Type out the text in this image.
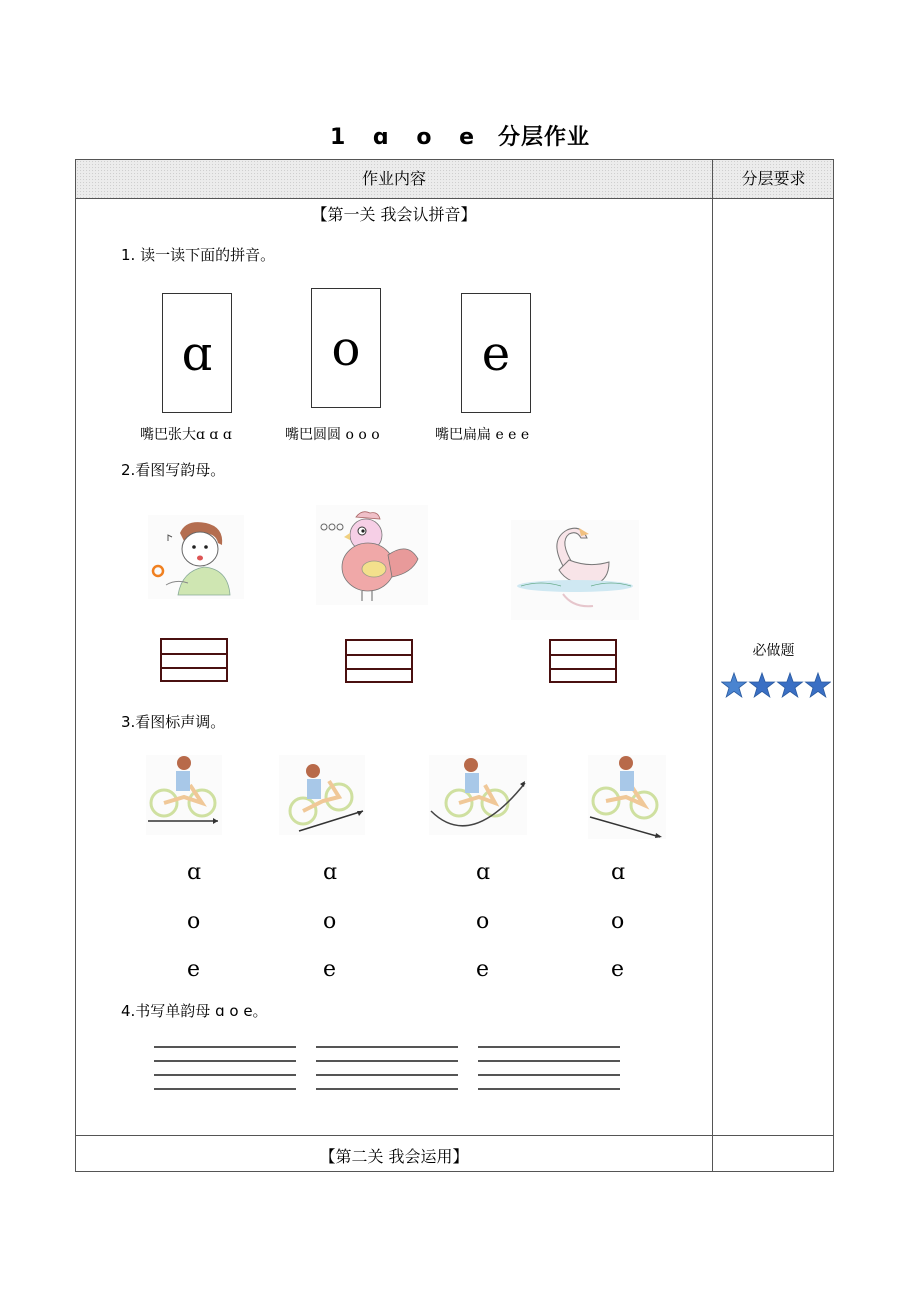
1 ɑ o e 分层作业
作业内容	分层要求
【第一关 我会认拼音】
1. 读一读下面的拼音。
ɑ	o	e
嘴巴张大ɑ ɑ ɑ	嘴巴圆圆 o o o	嘴巴扁扁 e e e
2.看图写韵母。
3.看图标声调。
ɑ	ɑ	ɑ	ɑ
o	o	o	o
e	e	e	e
4.书写单韵母 ɑ o e。
必做题
【第二关 我会运用】
